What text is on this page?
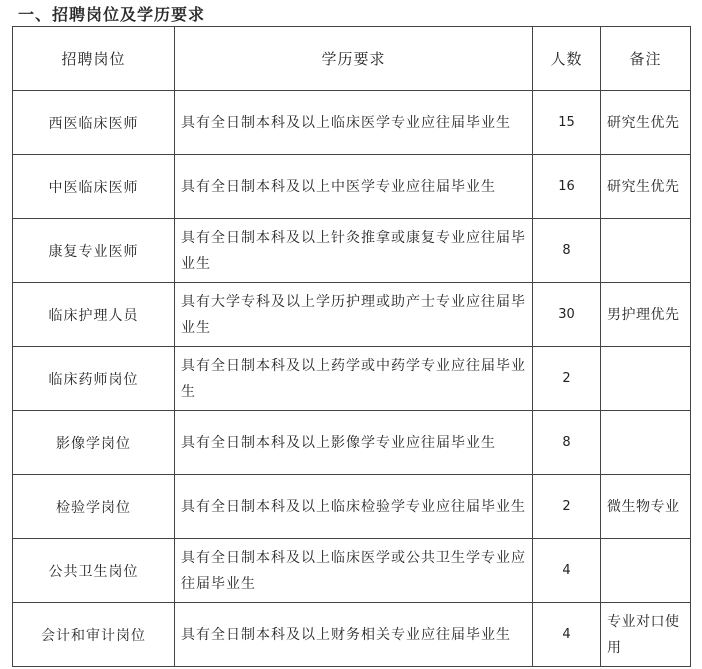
一、招聘岗位及学历要求
招聘岗位	学历要求	人数	备注
西医临床医师	具有全日制本科及以上临床医学专业应往届毕业生	15	研究生优先
中医临床医师	具有全日制本科及以上中医学专业应往届毕业生	16	研究生优先
康复专业医师	具有全日制本科及以上针灸推拿或康复专业应往届毕业生	8	
临床护理人员	具有大学专科及以上学历护理或助产士专业应往届毕业生	30	男护理优先
临床药师岗位	具有全日制本科及以上药学或中药学专业应往届毕业生	2	
影像学岗位	具有全日制本科及以上影像学专业应往届毕业生	8	
检验学岗位	具有全日制本科及以上临床检验学专业应往届毕业生	2	微生物专业
公共卫生岗位	具有全日制本科及以上临床医学或公共卫生学专业应往届毕业生	4	
会计和审计岗位	具有全日制本科及以上财务相关专业应往届毕业生	4	专业对口使用
